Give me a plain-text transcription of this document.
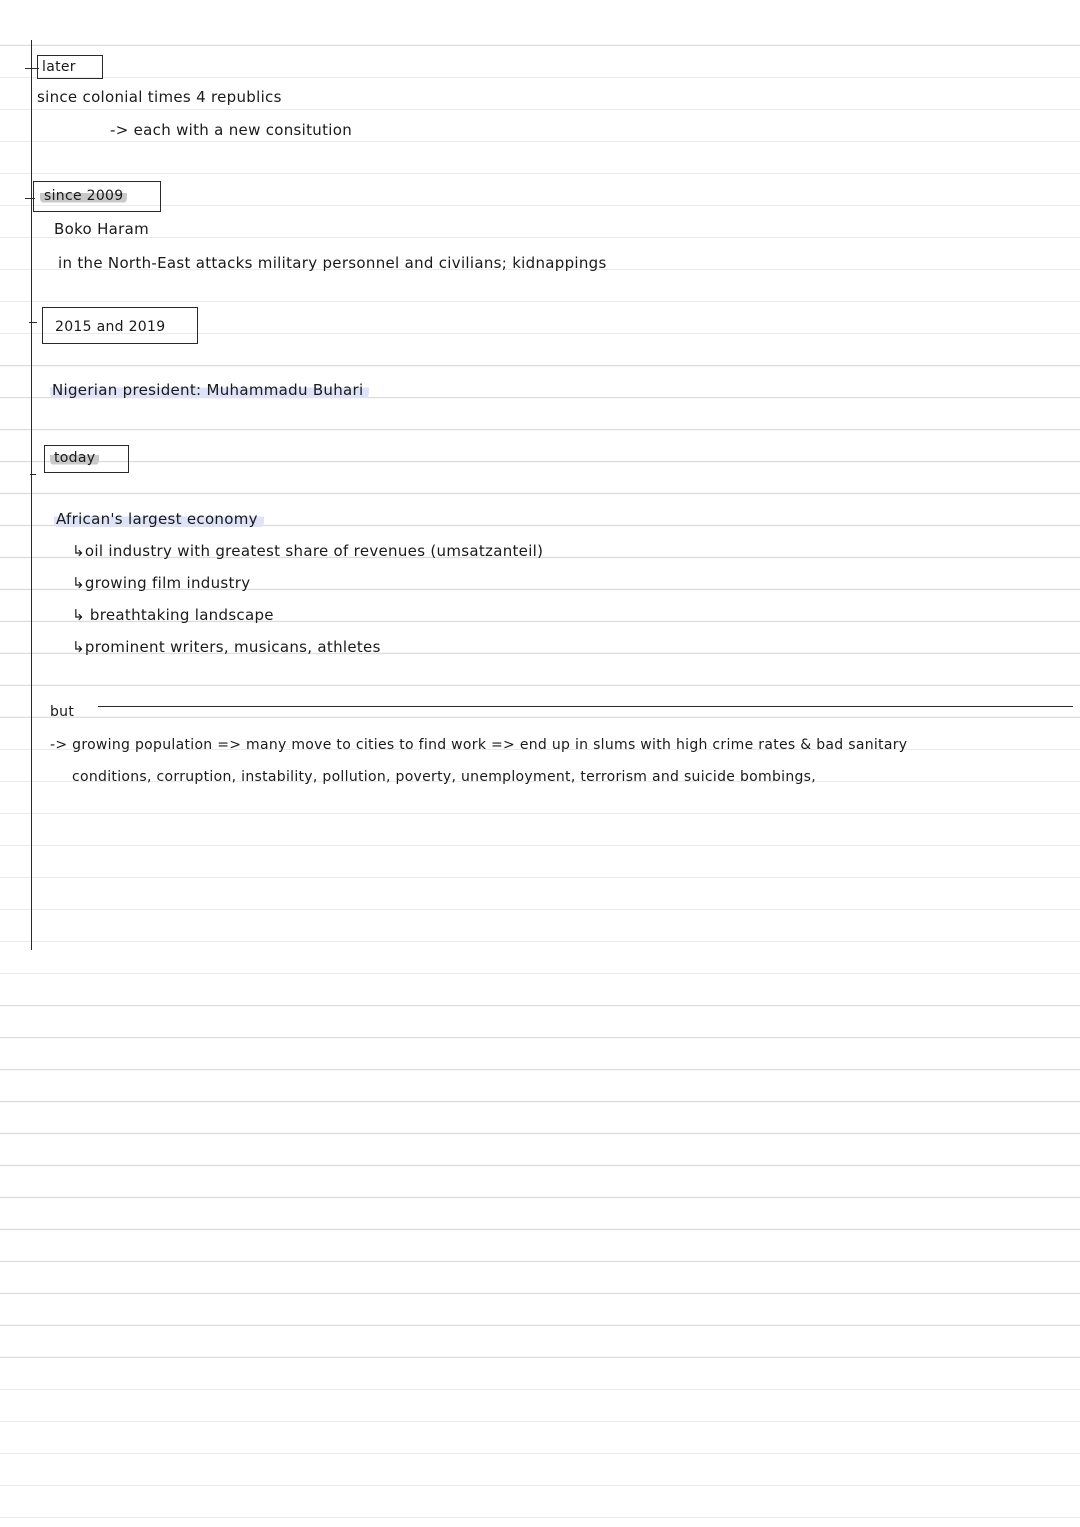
later
since colonial times 4 republics
-> each with a new consitution
since 2009
Boko Haram
in the North-East attacks military personnel and civilians; kidnappings
2015 and 2019
Nigerian president: Muhammadu Buhari
today
African's largest economy
↳oil industry with greatest share of revenues (umsatzanteil)
↳growing film industry
↳ breathtaking landscape
↳prominent writers, musicans, athletes
but
-> growing population => many move to cities to find work => end up in slums with high crime rates & bad sanitary
conditions, corruption, instability, pollution, poverty, unemployment, terrorism and suicide bombings,
